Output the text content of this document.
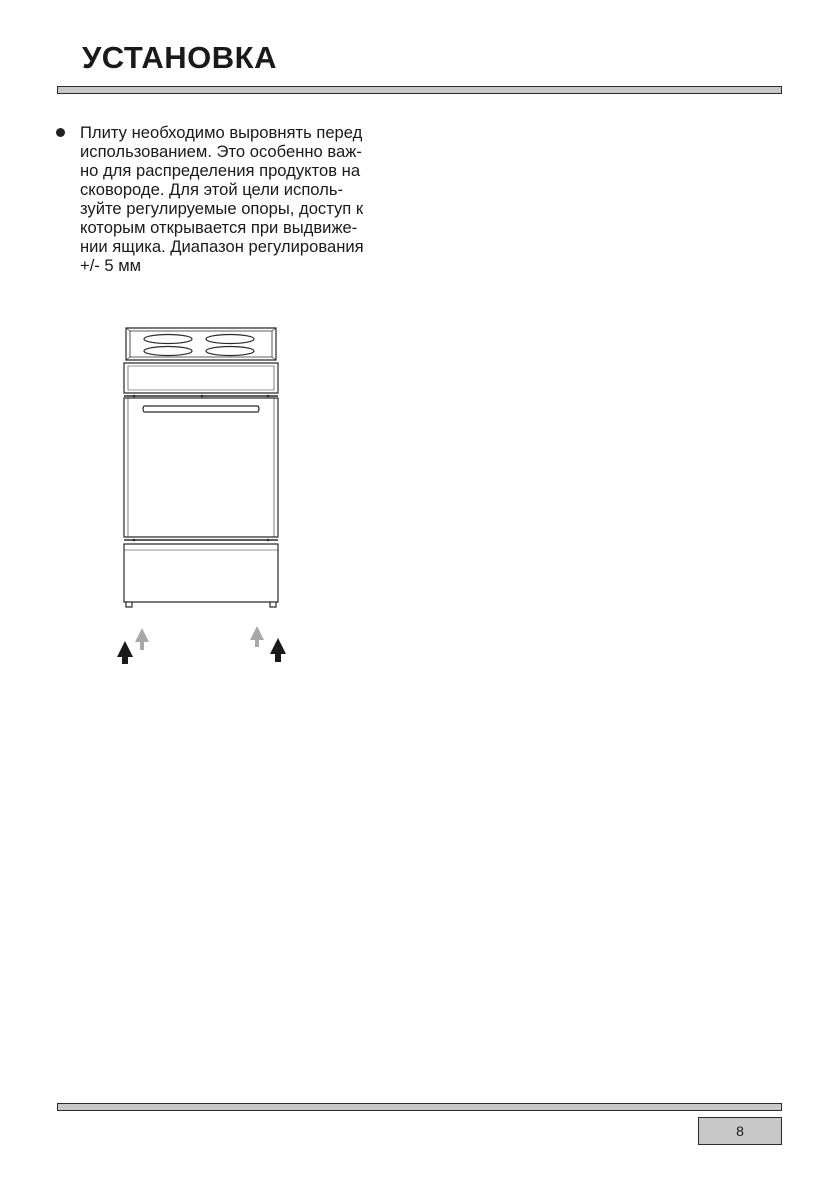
УСТАНОВКА

Плиту необходимо выровнять перед
использованием. Это особенно важ-
но для распределения продуктов на
сковороде. Для этой цели исполь-
зуйте регулируемые опоры, доступ к
которым открывается при выдвиже-
нии ящика. Диапазон регулирования
+/- 5 мм

8
